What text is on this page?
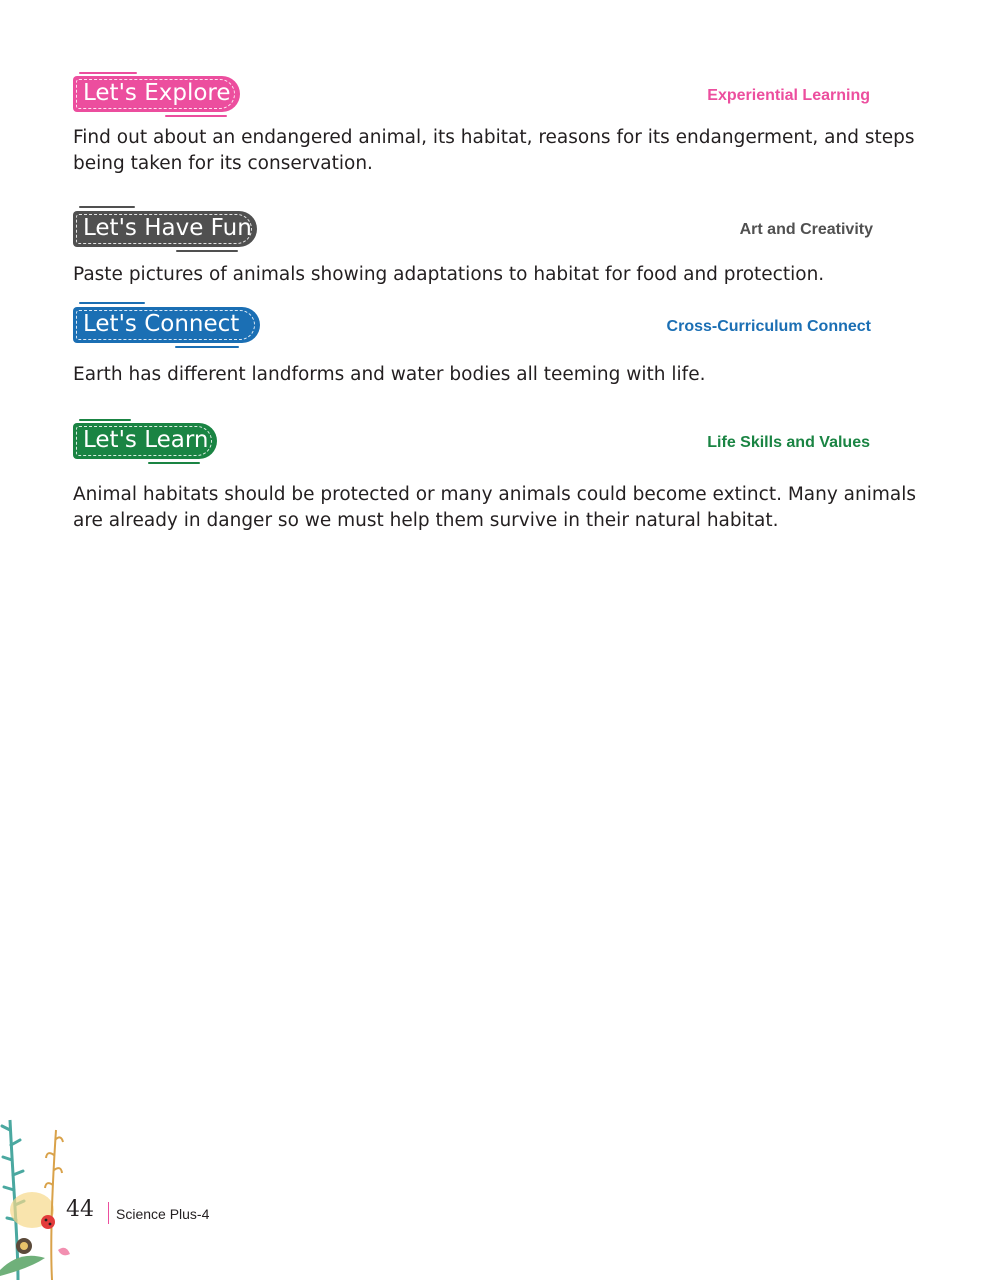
Let's Explore	Experiential Learning
Find out about an endangered animal, its habitat, reasons for its endangerment, and steps being taken for its conservation.
Let's Have Fun	Art and Creativity
Paste pictures of animals showing adaptations to habitat for food and protection.
Let's Connect	Cross-Curriculum Connect
Earth has different landforms and water bodies all teeming with life.
Let's Learn	Life Skills and Values
Animal habitats should be protected or many animals could become extinct. Many animals are already in danger so we must help them survive in their natural habitat.
44 Science Plus-4
